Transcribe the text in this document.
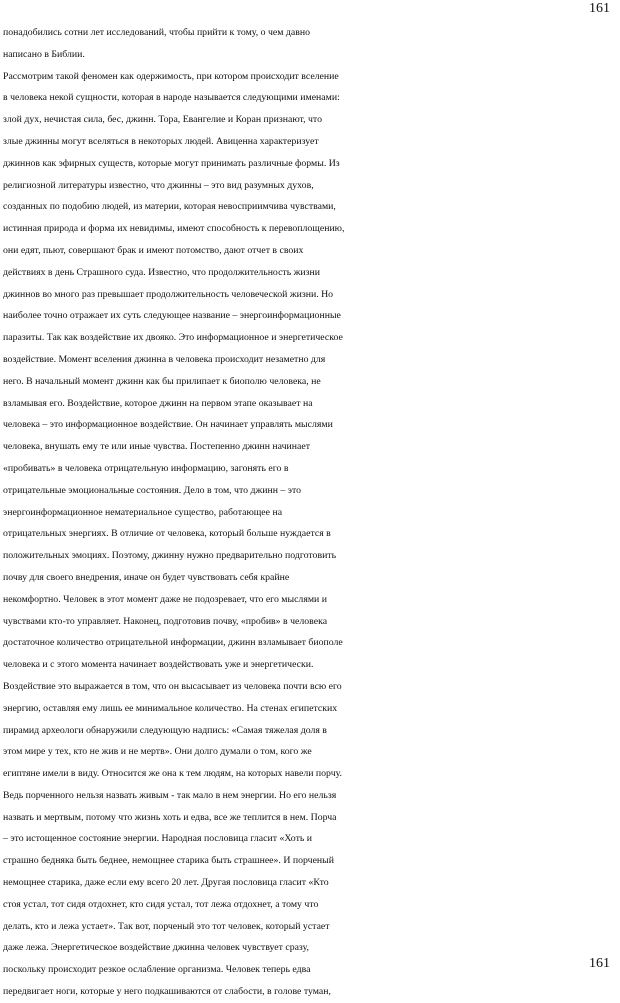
161
понадобились сотни лет исследований, чтобы прийти к тому, о чем давно
написано в Библии.
Рассмотрим такой феномен как одержимость, при котором происходит вселение
в человека некой сущности, которая в народе называется следующими именами:
злой дух, нечистая сила, бес, джинн. Тора, Евангелие и Коран признают, что
злые джинны могут вселяться в некоторых людей. Авиценна характеризует
джиннов как эфирных существ, которые могут принимать различные формы. Из
религиозной литературы известно, что джинны – это вид разумных духов,
созданных по подобию людей, из материи, которая невосприимчива чувствами,
истинная природа и форма их невидимы, имеют способность к перевоплощению,
они едят, пьют, совершают брак и имеют потомство, дают отчет в своих
действиях в день Страшного суда. Известно, что продолжительность жизни
джиннов во много раз превышает продолжительность человеческой жизни. Но
наиболее точно отражает их суть следующее название – энергоинформационные
паразиты. Так как воздействие их двояко. Это информационное и энергетическое
воздействие. Момент вселения джинна в человека происходит незаметно для
него. В начальный момент джинн как бы прилипает к биополю человека, не
взламывая его. Воздействие, которое джинн на первом этапе оказывает на
человека – это информационное воздействие. Он начинает управлять мыслями
человека, внушать ему те или иные чувства. Постепенно джинн начинает
«пробивать» в человека отрицательную информацию, загонять его в
отрицательные эмоциональные состояния. Дело в том, что джинн – это
энергоинформационное нематериальное существо, работающее на
отрицательных энергиях. В отличие от человека, который больше нуждается в
положительных эмоциях. Поэтому, джинну нужно предварительно подготовить
почву для своего внедрения, иначе он будет чувствовать себя крайне
некомфортно. Человек в этот момент даже не подозревает, что его мыслями и
чувствами кто-то управляет. Наконец, подготовив почву, «пробив» в человека
достаточное количество отрицательной информации, джинн взламывает биополе
человека и с этого момента начинает воздействовать уже и энергетически.
Воздействие это выражается в том, что он высасывает из человека почти всю его
энергию, оставляя ему лишь ее минимальное количество. На стенах египетских
пирамид археологи обнаружили следующую надпись: «Самая тяжелая доля в
этом мире у тех, кто не жив и не мертв». Они долго думали о том, кого же
египтяне имели в виду. Относится же она к тем людям, на которых навели порчу.
Ведь порченного нельзя назвать живым - так мало в нем энергии. Но его нельзя
назвать и мертвым, потому что жизнь хоть и едва, все же теплится в нем. Порча
– это истощенное состояние энергии. Народная пословица гласит «Хоть и
страшно бедняка быть беднее, немощнее старика быть страшнее». И порченый
немощнее старика, даже если ему всего 20 лет. Другая пословица гласит «Кто
стоя устал, тот сидя отдохнет, кто сидя устал, тот лежа отдохнет, а тому что
делать, кто и лежа устает». Так вот, порченый это тот человек, который устает
даже лежа. Энергетическое воздействие джинна человек чувствует сразу,
поскольку происходит резкое ослабление организма. Человек теперь едва
передвигает ноги, которые у него подкашиваются от слабости, в голове туман,
161
